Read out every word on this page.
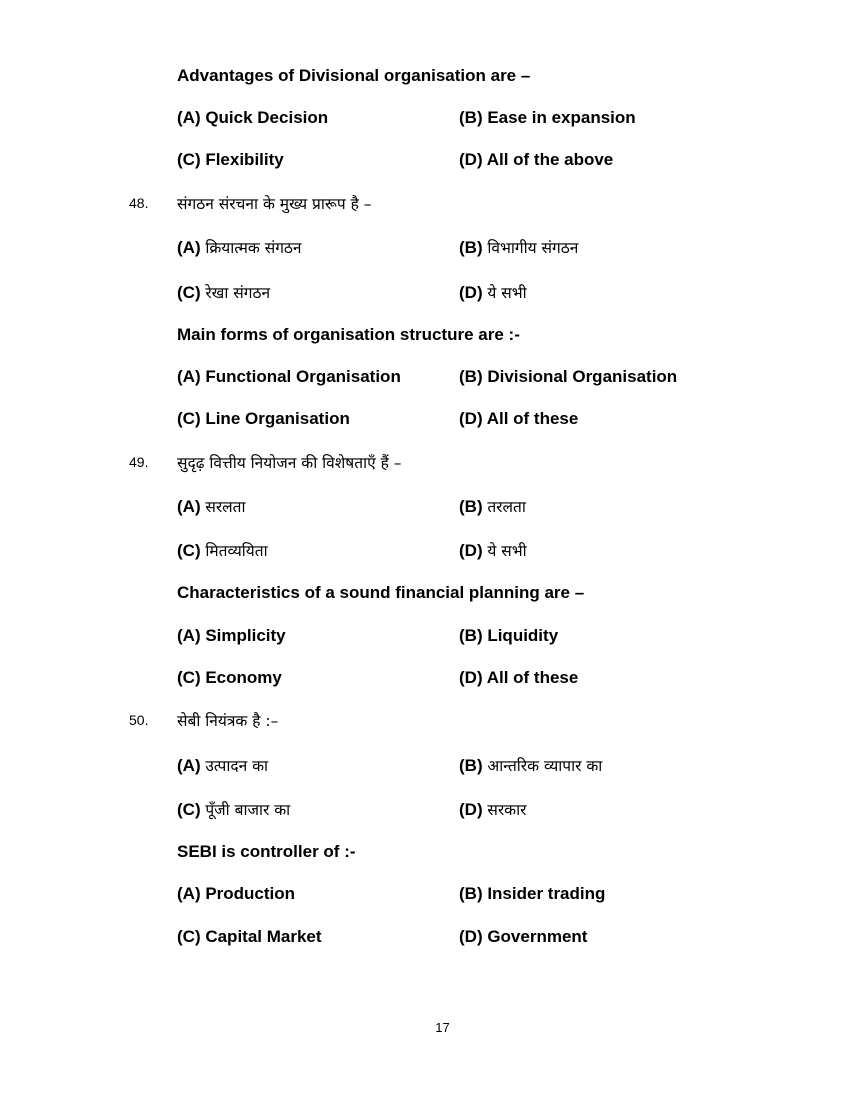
Advantages of Divisional organisation are –
(A) Quick Decision	(B) Ease in expansion
(C) Flexibility	(D) All of the above
48. संगठन संरचना के मुख्य प्रारूप है –
(A) क्रियात्मक संगठन	(B) विभागीय संगठन
(C) रेखा संगठन	(D) ये सभी
Main forms of organisation structure are :-
(A) Functional Organisation	(B) Divisional Organisation
(C) Line Organisation	(D) All of these
49. सुदृढ़ वित्तीय नियोजन की विशेषताएँ हैं –
(A) सरलता	(B) तरलता
(C) मितव्ययिता	(D) ये सभी
Characteristics of a sound financial planning are –
(A) Simplicity	(B) Liquidity
(C) Economy	(D) All of these
50. सेबी नियंत्रक है :–
(A) उत्पादन का	(B) आन्तरिक व्यापार का
(C) पूँजी बाजार का	(D) सरकार
SEBI is controller of :-
(A) Production	(B) Insider trading
(C) Capital Market	(D) Government
17
